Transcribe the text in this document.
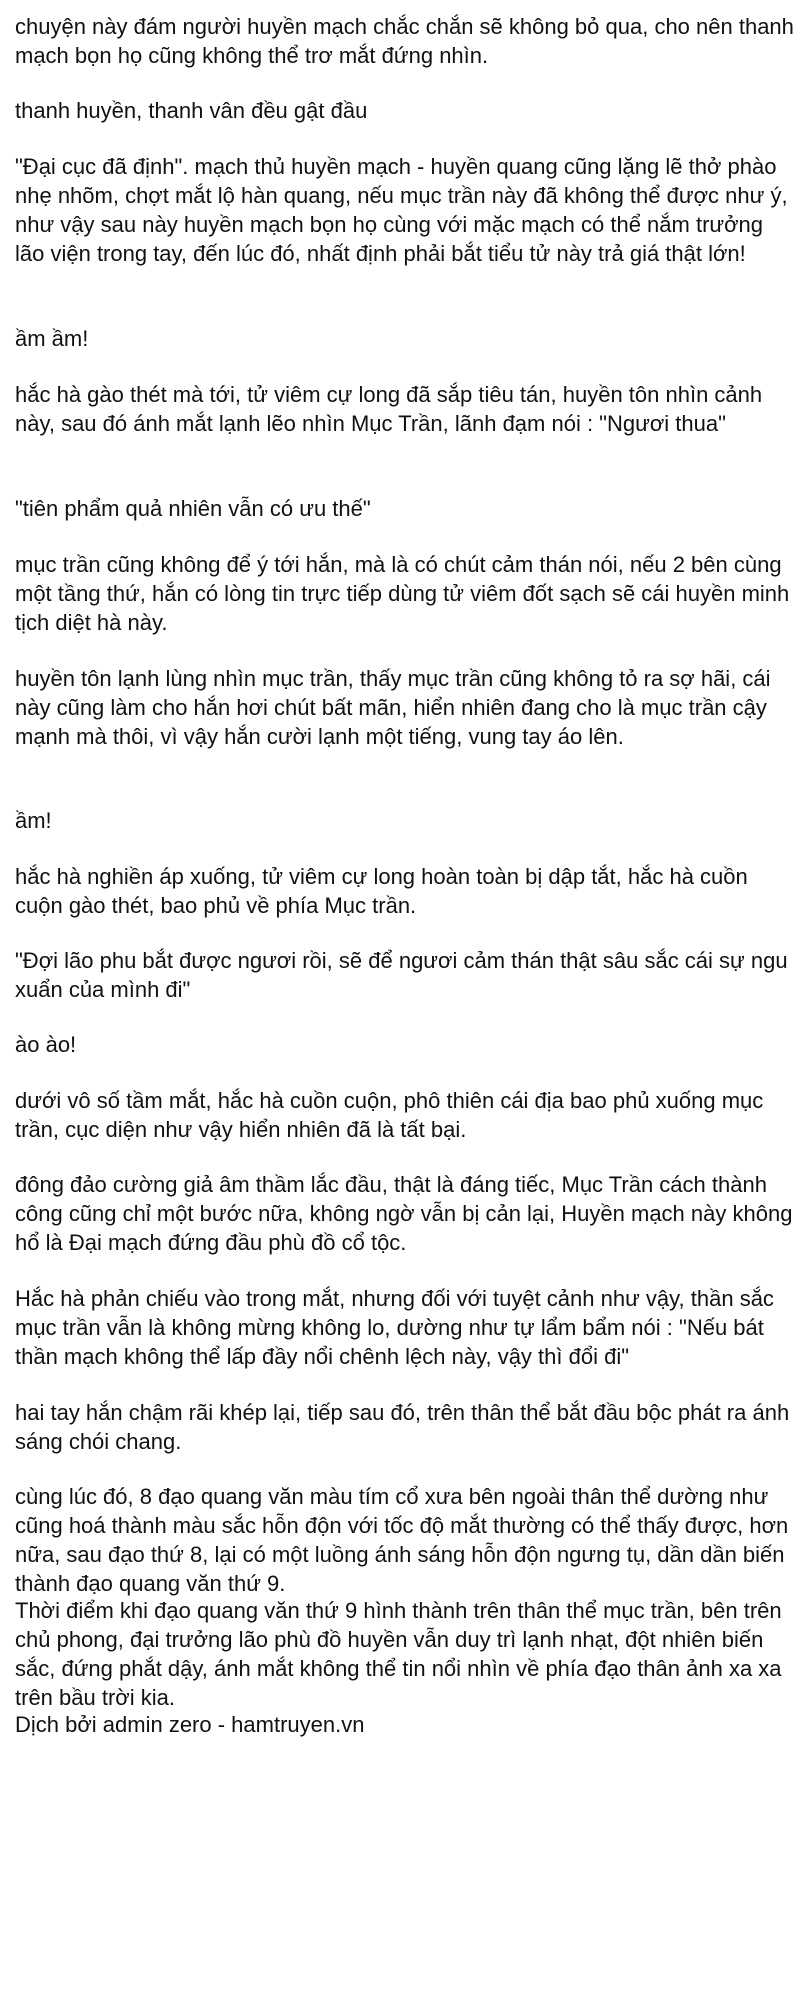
chuyện này đám người huyền mạch chắc chắn sẽ không bỏ qua, cho nên thanh mạch bọn họ cũng không thể trơ mắt đứng nhìn.

thanh huyền, thanh vân đều gật đầu

"Đại cục đã định". mạch thủ huyền mạch - huyền quang cũng lặng lẽ thở phào nhẹ nhõm, chợt mắt lộ hàn quang, nếu mục trần này đã không thể được như ý, như vậy sau này huyền mạch bọn họ cùng với mặc mạch có thể nắm trưởng lão viện trong tay, đến lúc đó, nhất định phải bắt tiểu tử này trả giá thật lớn!

ầm ầm!

hắc hà gào thét mà tới, tử viêm cự long đã sắp tiêu tán, huyền tôn nhìn cảnh này, sau đó ánh mắt lạnh lẽo nhìn Mục Trần, lãnh đạm nói : "Ngươi thua"

"tiên phẩm quả nhiên vẫn có ưu thế"

mục trần cũng không để ý tới hắn, mà là có chút cảm thán nói, nếu 2 bên cùng một tầng thứ, hắn có lòng tin trực tiếp dùng tử viêm đốt sạch sẽ cái huyền minh tịch diệt hà này.

huyền tôn lạnh lùng nhìn mục trần, thấy mục trần cũng không tỏ ra sợ hãi, cái này cũng làm cho hắn hơi chút bất mãn, hiển nhiên đang cho là mục trần cậy mạnh mà thôi, vì vậy hắn cười lạnh một tiếng, vung tay áo lên.

ầm!

hắc hà nghiền áp xuống, tử viêm cự long hoàn toàn bị dập tắt, hắc hà cuồn cuộn gào thét, bao phủ về phía Mục trần.

"Đợi lão phu bắt được ngươi rồi, sẽ để ngươi cảm thán thật sâu sắc cái sự ngu xuẩn của mình đi"

ào ào!

dưới vô số tầm mắt, hắc hà cuồn cuộn, phô thiên cái địa bao phủ xuống mục trần, cục diện như vậy hiển nhiên đã là tất bại.

đông đảo cường giả âm thầm lắc đầu, thật là đáng tiếc, Mục Trần cách thành công cũng chỉ một bước nữa, không ngờ vẫn bị cản lại, Huyền mạch này không hổ là Đại mạch đứng đầu phù đồ cổ tộc.

Hắc hà phản chiếu vào trong mắt, nhưng đối với tuyệt cảnh như vậy, thần sắc mục trần vẫn là không mừng không lo, dường như tự lẩm bẩm nói : "Nếu bát thần mạch không thể lấp đầy nổi chênh lệch này, vậy thì đổi đi"

hai tay hắn chậm rãi khép lại, tiếp sau đó, trên thân thể bắt đầu bộc phát ra ánh sáng chói chang.

cùng lúc đó, 8 đạo quang văn màu tím cổ xưa bên ngoài thân thể dường như cũng hoá thành màu sắc hỗn độn với tốc độ mắt thường có thể thấy được, hơn nữa, sau đạo thứ 8, lại có một luồng ánh sáng hỗn độn ngưng tụ, dần dần biến thành đạo quang văn thứ 9.

Thời điểm khi đạo quang văn thứ 9 hình thành trên thân thể mục trần, bên trên chủ phong, đại trưởng lão phù đồ huyền vẫn duy trì lạnh nhạt, đột nhiên biến sắc, đứng phắt dậy, ánh mắt không thể tin nổi nhìn về phía đạo thân ảnh xa xa trên bầu trời kia.

Dịch bởi admin zero - hamtruyen.vn
